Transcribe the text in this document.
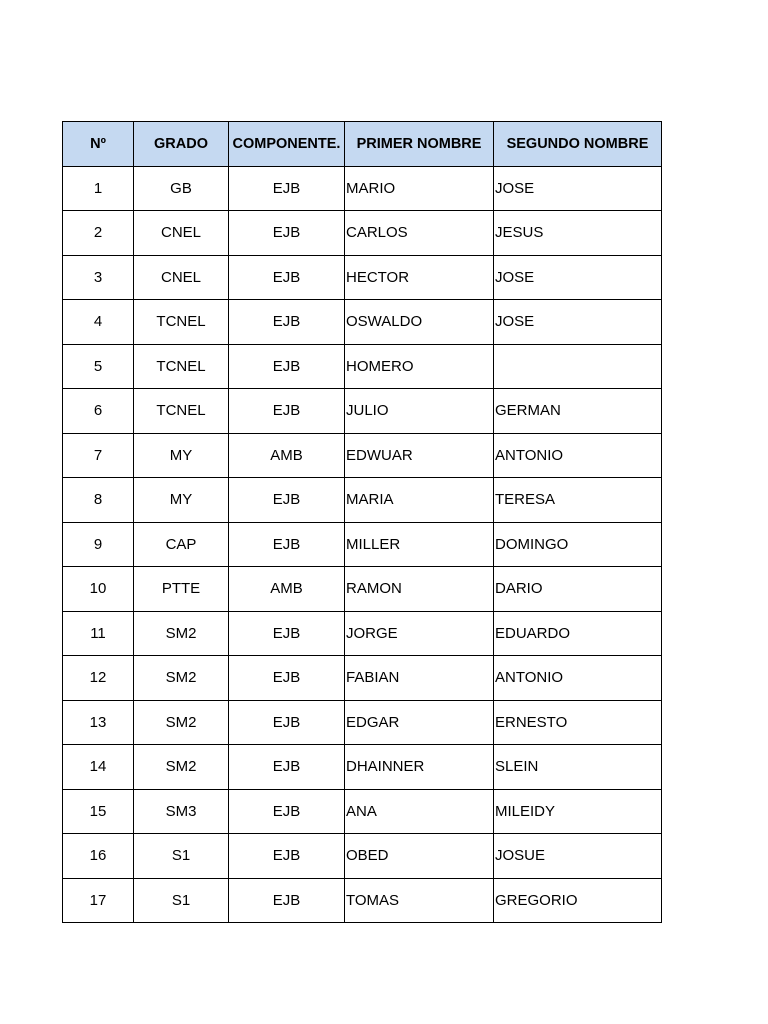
Nº	GRADO	COMPONENTE.	PRIMER NOMBRE	SEGUNDO NOMBRE
1	GB	EJB	MARIO	JOSE
2	CNEL	EJB	CARLOS	JESUS
3	CNEL	EJB	HECTOR	JOSE
4	TCNEL	EJB	OSWALDO	JOSE
5	TCNEL	EJB	HOMERO	
6	TCNEL	EJB	JULIO	GERMAN
7	MY	AMB	EDWUAR	ANTONIO
8	MY	EJB	MARIA	TERESA
9	CAP	EJB	MILLER	DOMINGO
10	PTTE	AMB	RAMON	DARIO
11	SM2	EJB	JORGE	EDUARDO
12	SM2	EJB	FABIAN	ANTONIO
13	SM2	EJB	EDGAR	ERNESTO
14	SM2	EJB	DHAINNER	SLEIN
15	SM3	EJB	ANA	MILEIDY
16	S1	EJB	OBED	JOSUE
17	S1	EJB	TOMAS	GREGORIO
